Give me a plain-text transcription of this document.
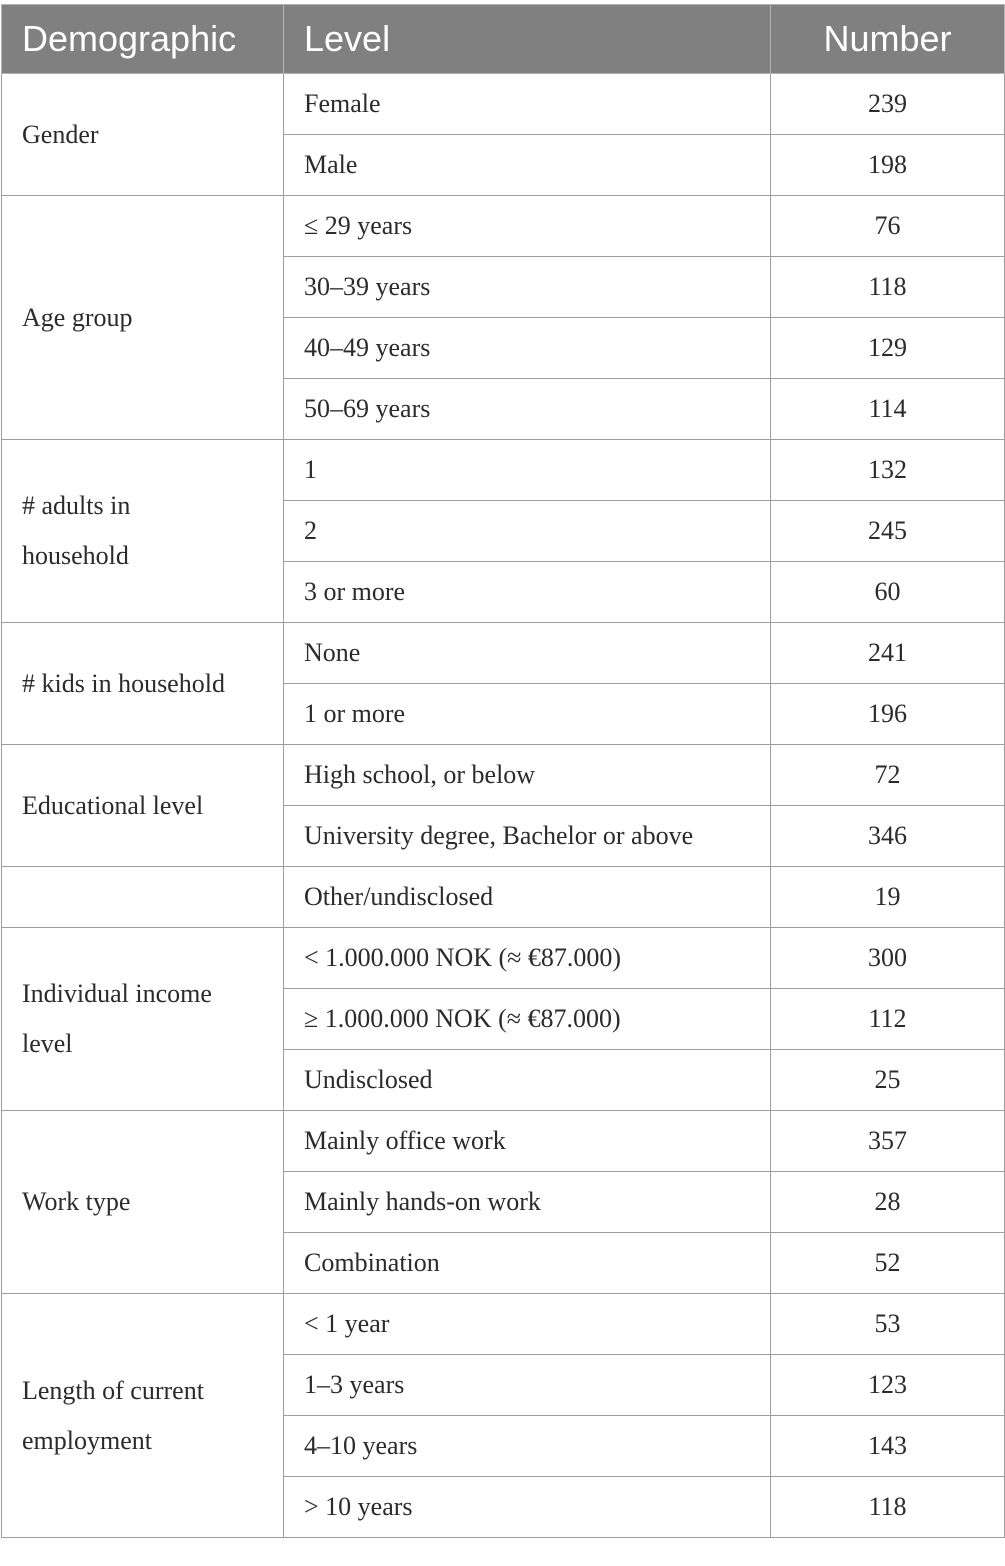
Demographic	Level	Number

Gender	Female	239
	Male	198

Age group	≤ 29 years	76
	30–39 years	118
	40–49 years	129
	50–69 years	114

# adults in
household	1	132
	2	245
	3 or more	60

# kids in household	None	241
	1 or more	196

Educational level	High school, or below	72
	University degree, Bachelor or above	346
	Other/undisclosed	19

Individual income
level	< 1.000.000 NOK (≈ €87.000)	300
	≥ 1.000.000 NOK (≈ €87.000)	112
	Undisclosed	25

Work type	Mainly office work	357
	Mainly hands-on work	28
	Combination	52

Length of current
employment	< 1 year	53
	1–3 years	123
	4–10 years	143
	> 10 years	118
